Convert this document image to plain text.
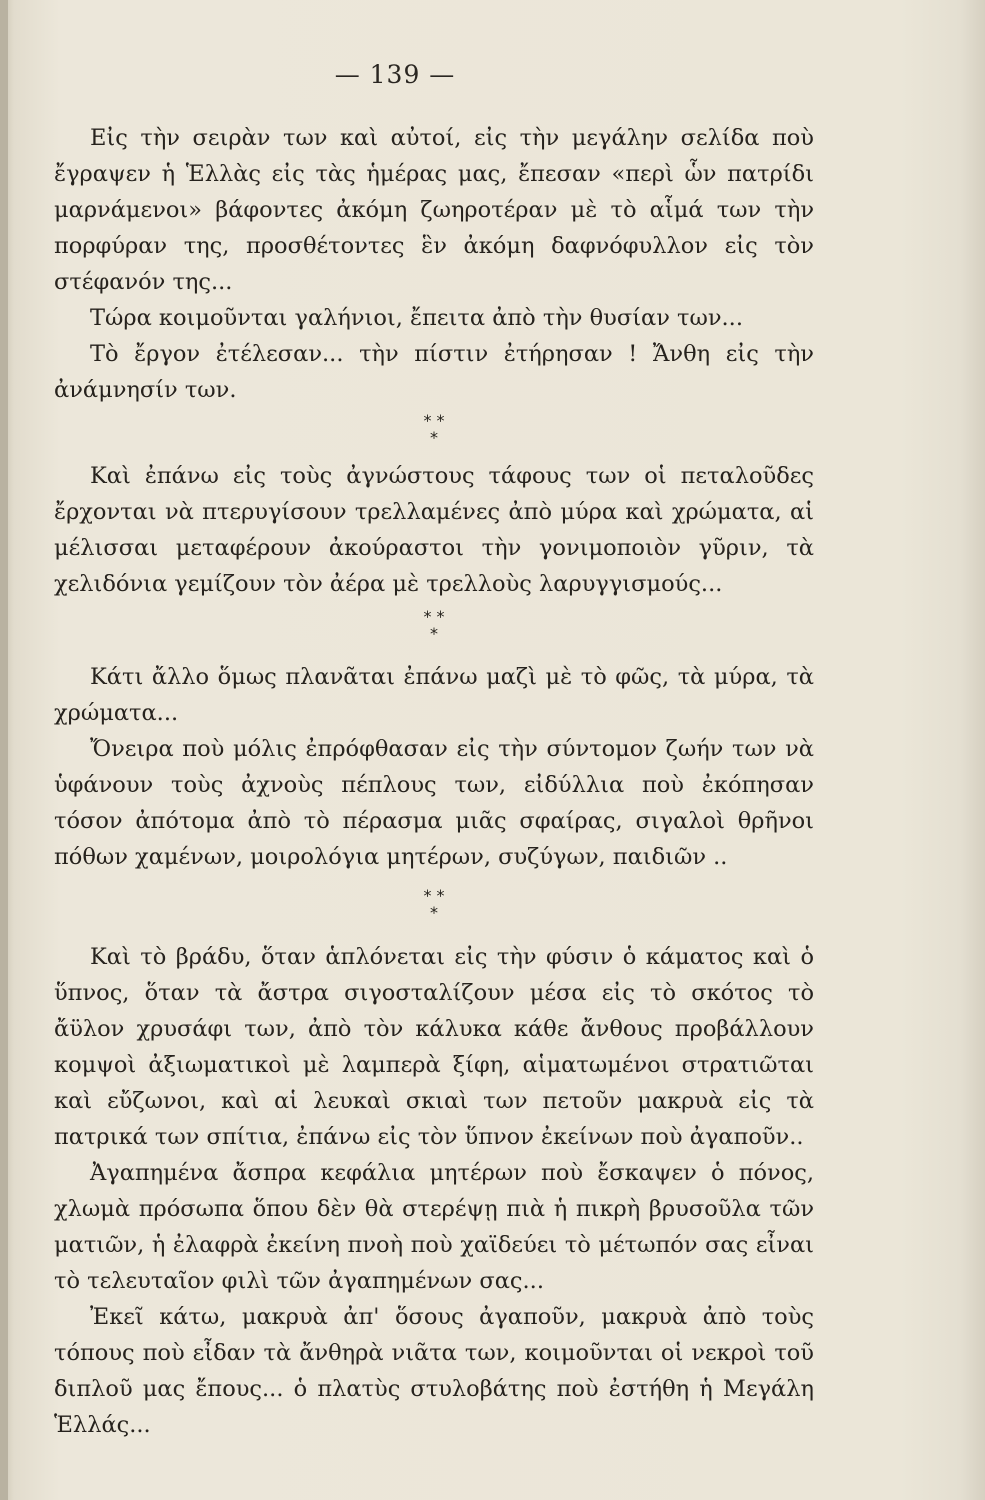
— 139 —

Εἰς τὴν σειρὰν των καὶ αὐτοί, εἰς τὴν μεγάλην σελίδα ποὺ ἔγραψεν ἡ Ἑλλὰς εἰς τὰς ἡμέρας μας, ἔπεσαν «περὶ ὧν πατρίδι μαρνάμενοι» βάφοντες ἀκόμη ζωηροτέραν μὲ τὸ αἷμά των τὴν πορφύραν της, προσθέτοντες ἓν ἀκόμη δαφνόφυλλον εἰς τὸν στέφανόν της...

Τώρα κοιμοῦνται γαλήνιοι, ἔπειτα ἀπὸ τὴν θυσίαν των...

Τὸ ἔργον ἐτέλεσαν... τὴν πίστιν ἐτήρησαν ! Ἄνθη εἰς τὴν ἀνάμνησίν των.

* *
*

Καὶ ἐπάνω εἰς τοὺς ἀγνώστους τάφους των οἱ πεταλοῦδες ἔρχονται νὰ πτερυγίσουν τρελλαμένες ἀπὸ μύρα καὶ χρώματα, αἱ μέλισσαι μεταφέρουν ἀκούραστοι τὴν γονιμοποιὸν γῦριν, τὰ χελιδόνια γεμίζουν τὸν ἀέρα μὲ τρελλοὺς λαρυγγισμούς...

* *
*

Κάτι ἄλλο ὅμως πλανᾶται ἐπάνω μαζὶ μὲ τὸ φῶς, τὰ μύρα, τὰ χρώματα...

Ὄνειρα ποὺ μόλις ἐπρόφθασαν εἰς τὴν σύντομον ζωήν των νὰ ὑφάνουν τοὺς ἀχνοὺς πέπλους των, εἰδύλλια ποὺ ἐκόπησαν τόσον ἀπότομα ἀπὸ τὸ πέρασμα μιᾶς σφαίρας, σιγαλοὶ θρῆνοι πόθων χαμένων, μοιρολόγια μητέρων, συζύγων, παιδιῶν ..

* *
*

Καὶ τὸ βράδυ, ὅταν ἁπλόνεται εἰς τὴν φύσιν ὁ κάματος καὶ ὁ ὕπνος, ὅταν τὰ ἄστρα σιγοσταλίζουν μέσα εἰς τὸ σκότος τὸ ἄϋλον χρυσάφι των, ἀπὸ τὸν κάλυκα κάθε ἄνθους προβάλλουν κομψοὶ ἀξιωματικοὶ μὲ λαμπερὰ ξίφη, αἱματωμένοι στρατιῶται καὶ εὔζωνοι, καὶ αἱ λευκαὶ σκιαὶ των πετοῦν μακρυὰ εἰς τὰ πατρικά των σπίτια, ἐπάνω εἰς τὸν ὕπνον ἐκείνων ποὺ ἀγαποῦν..

Ἀγαπημένα ἄσπρα κεφάλια μητέρων ποὺ ἔσκαψεν ὁ πόνος, χλωμὰ πρόσωπα ὅπου δὲν θὰ στερέψῃ πιὰ ἡ πικρὴ βρυσοῦλα τῶν ματιῶν, ἡ ἐλαφρὰ ἐκείνη πνοὴ ποὺ χαϊδεύει τὸ μέτωπόν σας εἶναι τὸ τελευταῖον φιλὶ τῶν ἀγαπημένων σας...

Ἐκεῖ κάτω, μακρυὰ ἀπ' ὅσους ἀγαποῦν, μακρυὰ ἀπὸ τοὺς τόπους ποὺ εἶδαν τὰ ἄνθηρὰ νιᾶτα των, κοιμοῦνται οἱ νεκροὶ τοῦ διπλοῦ μας ἔπους... ὁ πλατὺς στυλοβάτης ποὺ ἐστήθη ἡ Μεγάλη Ἑλλάς...
